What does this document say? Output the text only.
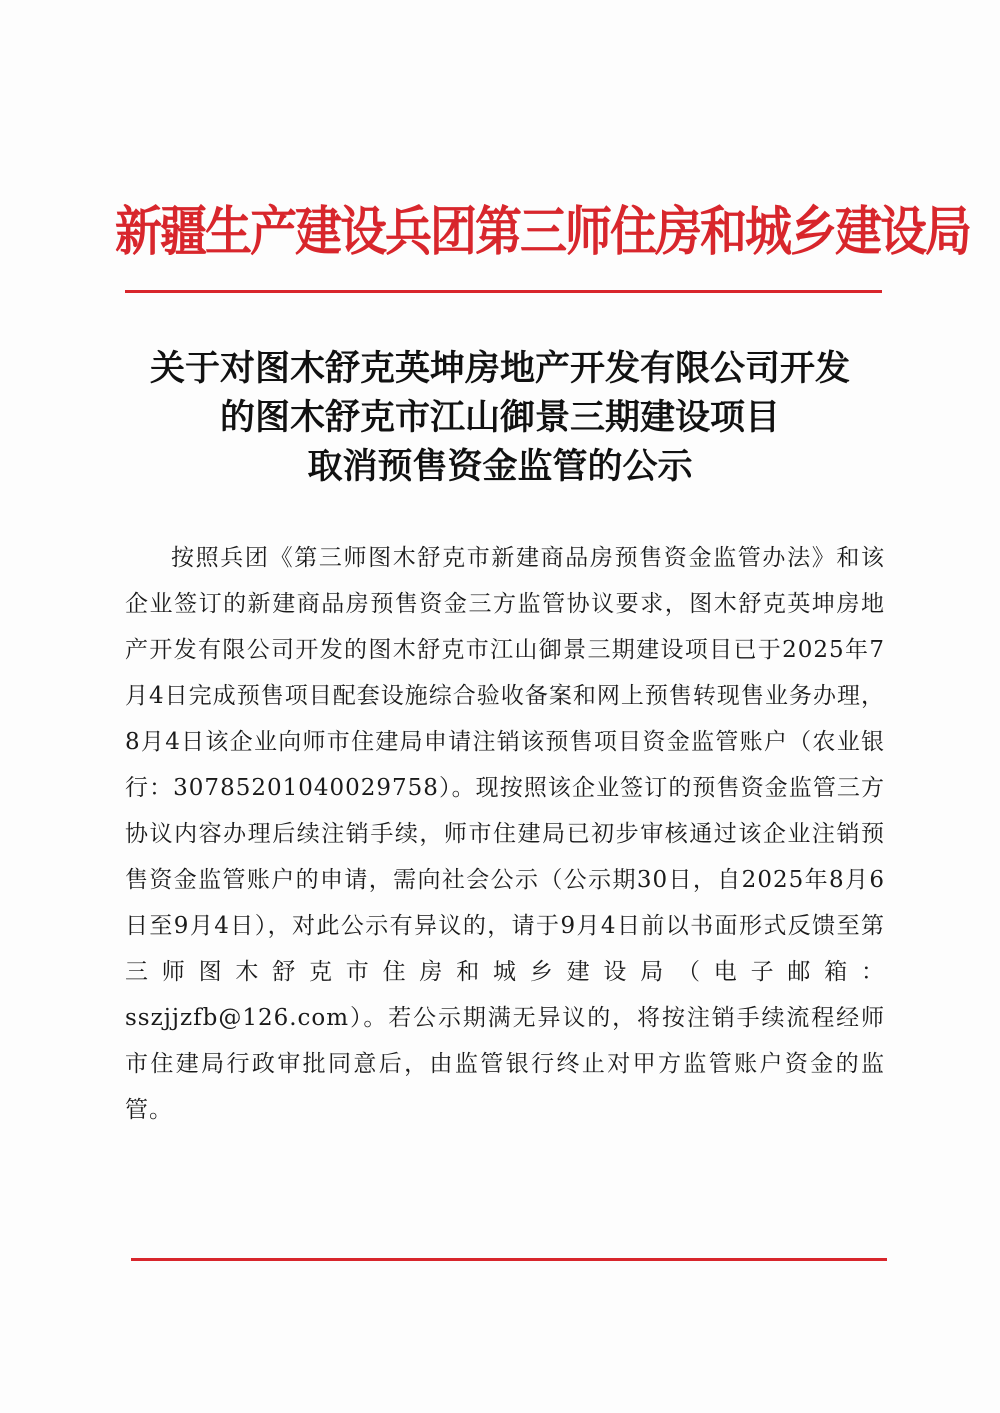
新疆生产建设兵团第三师住房和城乡建设局
关于对图木舒克英坤房地产开发有限公司开发
的图木舒克市江山御景三期建设项目
取消预售资金监管的公示
按照兵团《第三师图木舒克市新建商品房预售资金监管办法》和该企业签订的新建商品房预售资金三方监管协议要求，图木舒克英坤房地产开发有限公司开发的图木舒克市江山御景三期建设项目已于2025年7月4日完成预售项目配套设施综合验收备案和网上预售转现售业务办理，8月4日该企业向师市住建局申请注销该预售项目资金监管账户（农业银行：30785201040029758）。现按照该企业签订的预售资金监管三方协议内容办理后续注销手续，师市住建局已初步审核通过该企业注销预售资金监管账户的申请，需向社会公示（公示期30日，自2025年8月6日至9月4日），对此公示有异议的，请于9月4日前以书面形式反馈至第三师图木舒克市住房和城乡建设局（电子邮箱：sszjjzfb@126.com）。若公示期满无异议的，将按注销手续流程经师市住建局行政审批同意后，由监管银行终止对甲方监管账户资金的监管。
